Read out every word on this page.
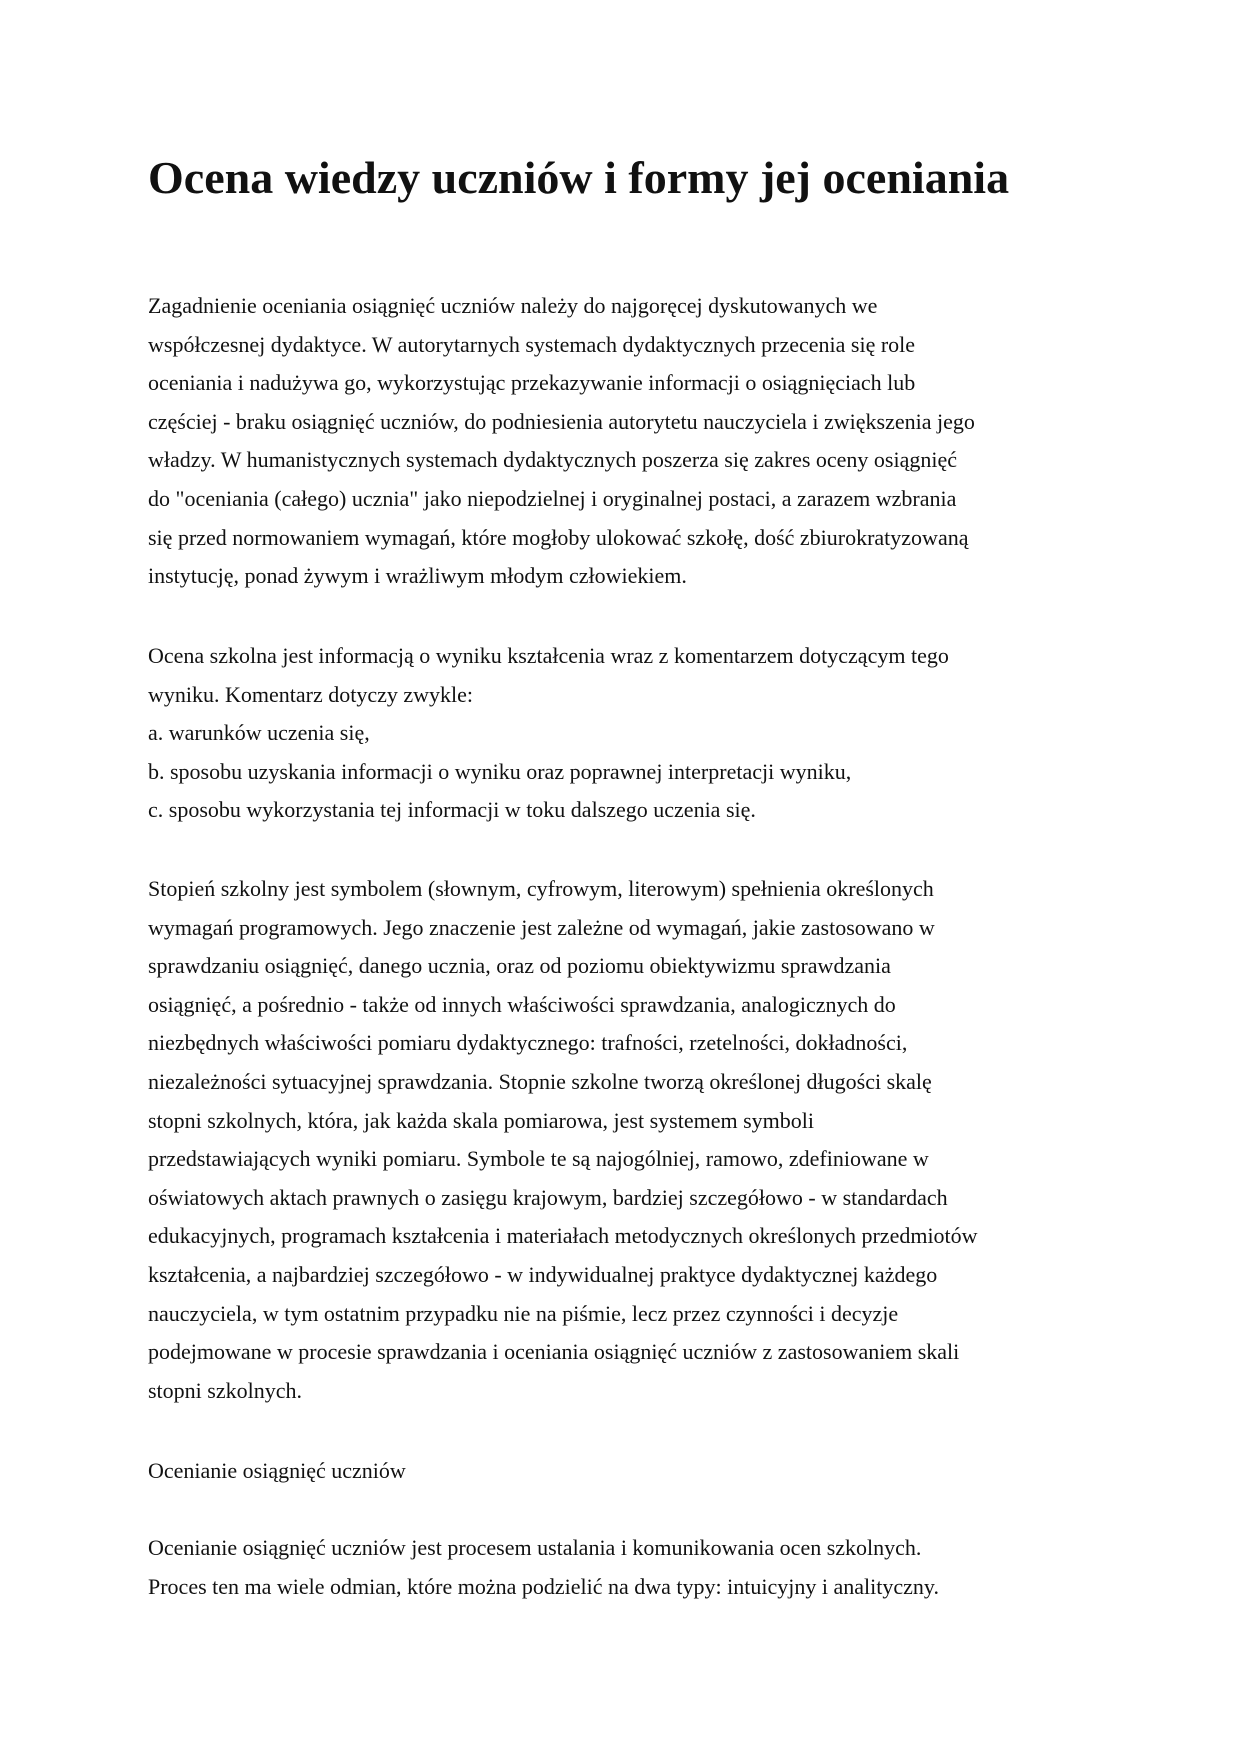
Ocena wiedzy uczniów i formy jej oceniania
Zagadnienie oceniania osiągnięć uczniów należy do najgoręcej dyskutowanych we
współczesnej dydaktyce. W autorytarnych systemach dydaktycznych przecenia się role
oceniania i nadużywa go, wykorzystując przekazywanie informacji o osiągnięciach lub
częściej - braku osiągnięć uczniów, do podniesienia autorytetu nauczyciela i zwiększenia jego
władzy. W humanistycznych systemach dydaktycznych poszerza się zakres oceny osiągnięć
do "oceniania (całego) ucznia" jako niepodzielnej i oryginalnej postaci, a zarazem wzbrania
się przed normowaniem wymagań, które mogłoby ulokować szkołę, dość zbiurokratyzowaną
instytucję, ponad żywym i wrażliwym młodym człowiekiem.
Ocena szkolna jest informacją o wyniku kształcenia wraz z komentarzem dotyczącym tego
wyniku. Komentarz dotyczy zwykle:
a. warunków uczenia się,
b. sposobu uzyskania informacji o wyniku oraz poprawnej interpretacji wyniku,
c. sposobu wykorzystania tej informacji w toku dalszego uczenia się.
Stopień szkolny jest symbolem (słownym, cyfrowym, literowym) spełnienia określonych
wymagań programowych. Jego znaczenie jest zależne od wymagań, jakie zastosowano w
sprawdzaniu osiągnięć, danego ucznia, oraz od poziomu obiektywizmu sprawdzania
osiągnięć, a pośrednio - także od innych właściwości sprawdzania, analogicznych do
niezbędnych właściwości pomiaru dydaktycznego: trafności, rzetelności, dokładności,
niezależności sytuacyjnej sprawdzania. Stopnie szkolne tworzą określonej długości skalę
stopni szkolnych, która, jak każda skala pomiarowa, jest systemem symboli
przedstawiających wyniki pomiaru. Symbole te są najogólniej, ramowo, zdefiniowane w
oświatowych aktach prawnych o zasięgu krajowym, bardziej szczegółowo - w standardach
edukacyjnych, programach kształcenia i materiałach metodycznych określonych przedmiotów
kształcenia, a najbardziej szczegółowo - w indywidualnej praktyce dydaktycznej każdego
nauczyciela, w tym ostatnim przypadku nie na piśmie, lecz przez czynności i decyzje
podejmowane w procesie sprawdzania i oceniania osiągnięć uczniów z zastosowaniem skali
stopni szkolnych.
Ocenianie osiągnięć uczniów
Ocenianie osiągnięć uczniów jest procesem ustalania i komunikowania ocen szkolnych.
Proces ten ma wiele odmian, które można podzielić na dwa typy: intuicyjny i analityczny.
